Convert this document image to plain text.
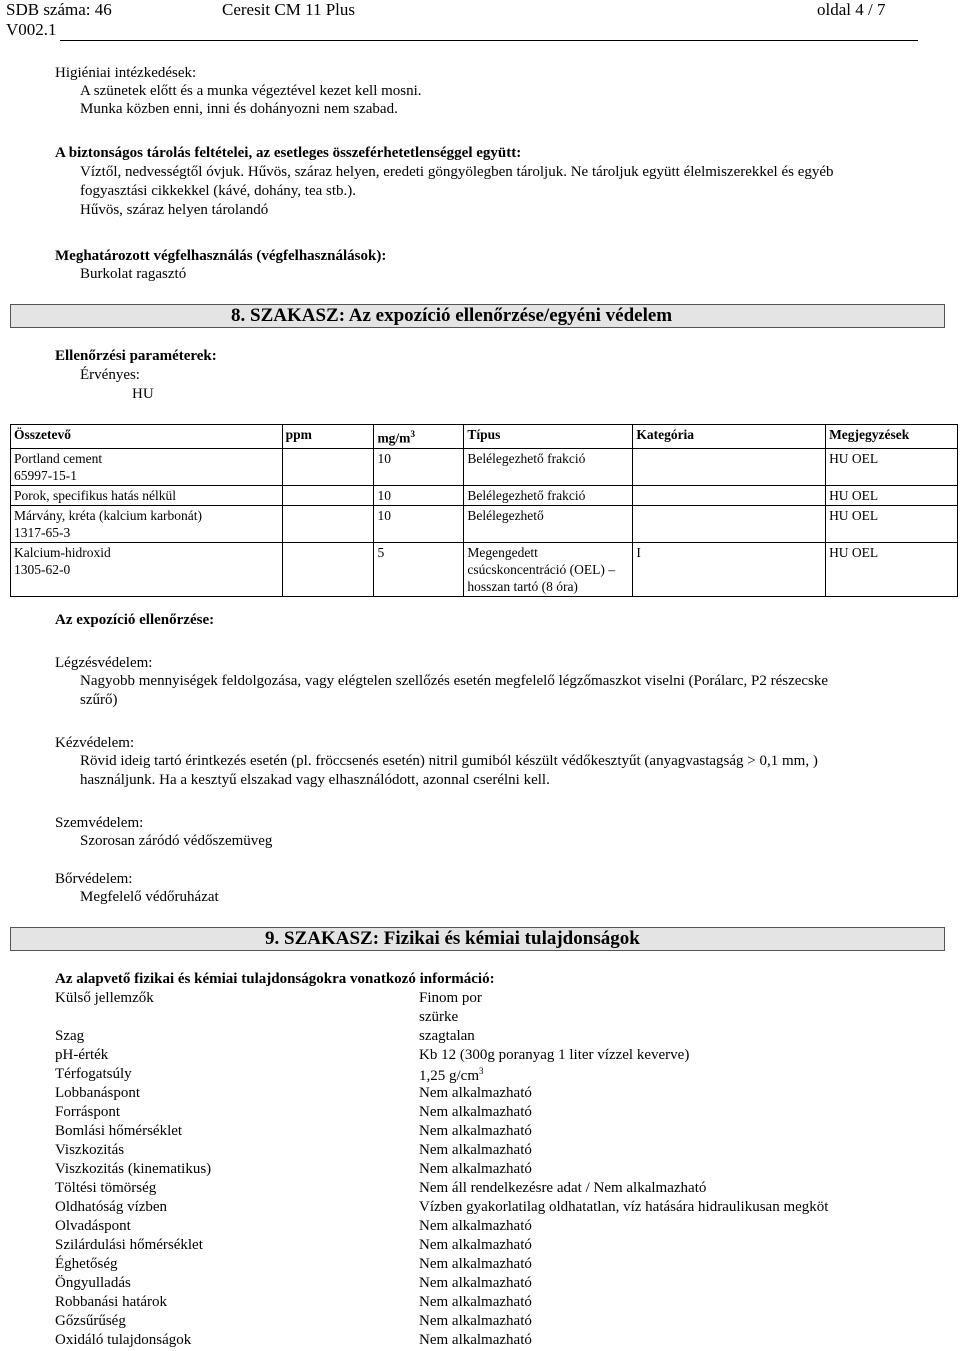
SDB száma: 46	Ceresit CM 11 Plus	oldal 4 / 7
V002.1
Higiéniai intézkedések:
A szünetek előtt és a munka végeztével kezet kell mosni.
Munka közben enni, inni és dohányozni nem szabad.
A biztonságos tárolás feltételei, az esetleges összeférhetetlenséggel együtt:
Víztől, nedvességtől óvjuk. Hűvös, száraz helyen, eredeti göngyölegben tároljuk. Ne tároljuk együtt élelmiszerekkel és egyéb
fogyasztási cikkekkel (kávé, dohány, tea stb.).
Hűvös, száraz helyen tárolandó
Meghatározott végfelhasználás (végfelhasználások):
Burkolat ragasztó
8. SZAKASZ: Az expozíció ellenőrzése/egyéni védelem
Ellenőrzési paraméterek:
Érvényes:
HU
Összetevő	ppm	$mg/m^3$	Típus	Kategória	Megjegyzések

Portland cement
65997-15-1		10	Belélegezhető frakció		HU OEL

Porok, specifikus hatás nélkül		10	Belélegezhető frakció		HU OEL

Márvány, kréta (kalcium karbonát)
1317-65-3		10	Belélegezhető		HU OEL

Kalcium-hidroxid
1305-62-0		5	Megengedett csúcskoncentráció (OEL) – hosszan tartó (8 óra)	I	HU OEL
Az expozíció ellenőrzése:
Légzésvédelem:
Nagyobb mennyiségek feldolgozása, vagy elégtelen szellőzés esetén megfelelő légzőmaszkot viselni (Porálarc, P2 részecske
szűrő)
Kézvédelem:
Rövid ideig tartó érintkezés esetén (pl. fröccsenés esetén) nitril gumiból készült védőkesztyűt (anyagvastagság > 0,1 mm, )
használjunk. Ha a kesztyű elszakad vagy elhasználódott, azonnal cserélni kell.
Szemvédelem:
Szorosan záródó védőszemüveg
Bőrvédelem:
Megfelelő védőruházat
9. SZAKASZ: Fizikai és kémiai tulajdonságok
Az alapvető fizikai és kémiai tulajdonságokra vonatkozó információ:
Külső jellemzők	Finom por
szürke
Szag	szagtalan
pH-érték	Kb 12 (300g poranyag 1 liter vízzel keverve)
Térfogatsúly	1,25 $g/cm^3$
Lobbanáspont	Nem alkalmazható
Forráspont	Nem alkalmazható
Bomlási hőmérséklet	Nem alkalmazható
Viszkozitás	Nem alkalmazható
Viszkozitás (kinematikus)	Nem alkalmazható
Töltési tömörség	Nem áll rendelkezésre adat / Nem alkalmazható
Oldhatóság vízben	Vízben gyakorlatilag oldhatatlan, víz hatására hidraulikusan megköt
Olvadáspont	Nem alkalmazható
Szilárdulási hőmérséklet	Nem alkalmazható
Éghetőség	Nem alkalmazható
Öngyulladás	Nem alkalmazható
Robbanási határok	Nem alkalmazható
Gőzsűrűség	Nem alkalmazható
Oxidáló tulajdonságok	Nem alkalmazható
